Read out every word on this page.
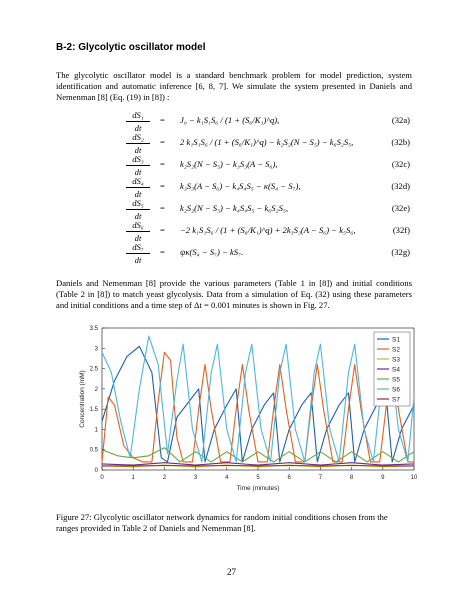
B-2: Glycolytic oscillator model
The glycolytic oscillator model is a standard benchmark problem for model prediction, system identification and automatic inference [6, 8, 7]. We simulate the system presented in Daniels and Nemenman [8] (Eq. (19) in [8]) :
$\frac{\text{dS₁}}{dt} = J_0 - k_1S_1S_6 / (1$ + (S₆/K₁)^q),	(32a)
$\frac{\text{dS₂}}{dt} = 2$ k₁S₁S₆ / (1 + (S₆/K₁)^q) − k₂S₂(N − S₅) − k₆S₂S₅,	(32b)
$\frac{\text{dS₃}}{dt} = k_2S_2(N - S_5) - k_3S_3(A - S_6)$,	(32c)
$\frac{\text{dS₄}}{dt} = k_3S_3(A - S_6) - k_4S_4S_5 - \kappa(S_4 - S_7)$,	(32d)
$\frac{\text{dS₅}}{dt} = k_2S_2(N - S_5) - k_4S_4S_5 - k_6S_2S_5$,	(32e)
$\frac{\text{dS₆}}{dt} = -2$ k₁S₁S₆ / (1 + (S₆/K₁)^q) + 2k₃S₃(A − S₆) − k₅S₆,	(32f)
$\frac{\text{dS₇}}{dt} = \psi\kappa(S_4 - S_7) - kS_7$.	(32g)
Daniels and Nemenman [8] provide the various parameters (Table 1 in [8]) and initial conditions (Table 2 in [8]) to match yeast glycolysis. Data from a simulation of Eq. (32) using these parameters and initial conditions and a time step of Δt = 0.001 minutes is shown in Fig. 27.
0	1	2	3	4	5	6	7	8	9	10
0
0.5
1
1.5
2
2.5
3
3.5
Time (minutes)
Concentration (mM)
S1
S2
S3
S4
S5
S6
S7
Figure 27: Glycolytic oscillator network dynamics for random initial conditions chosen from the ranges provided in Table 2 of Daniels and Nemenman [8].
27
